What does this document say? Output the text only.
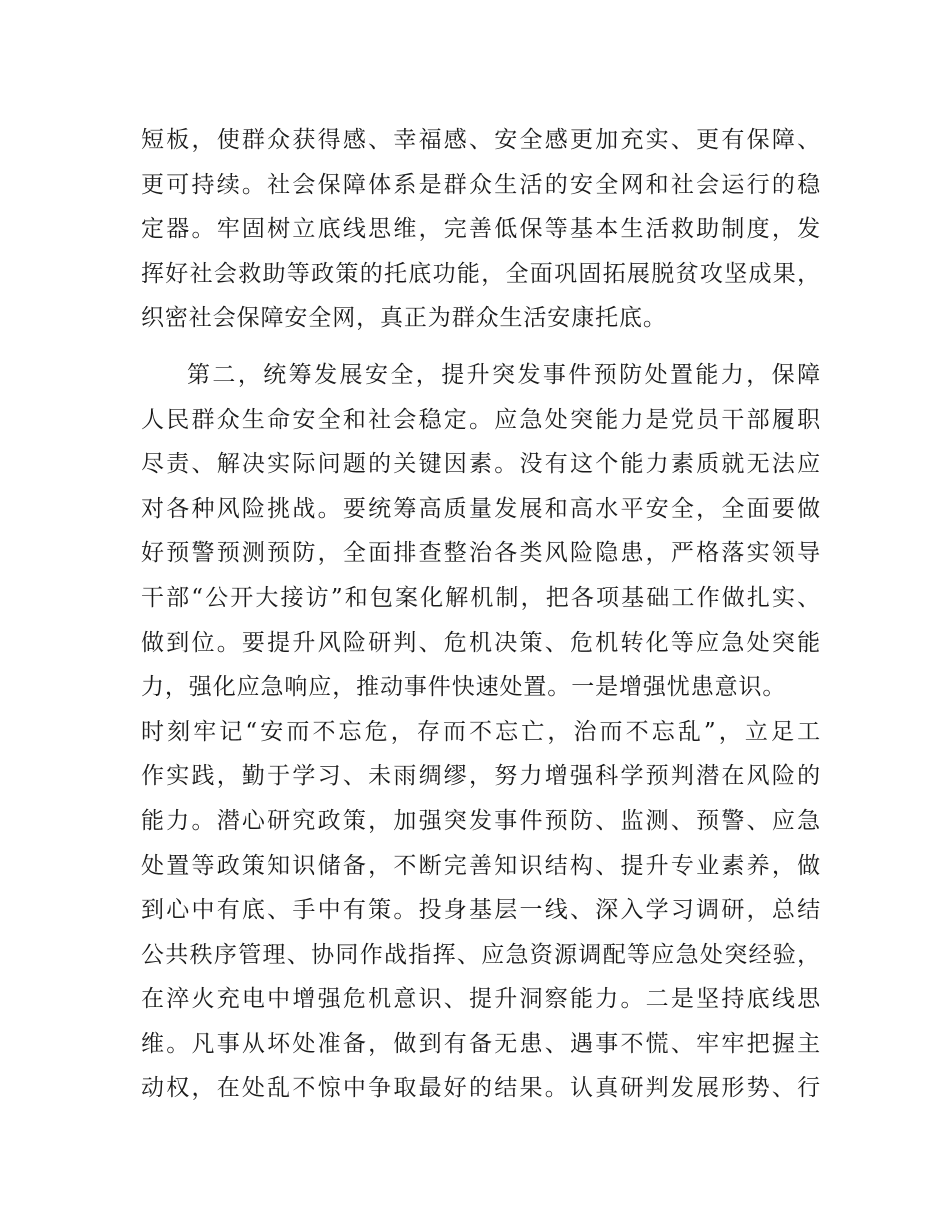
短板，使群众获得感、幸福感、安全感更加充实、更有保障、
更可持续。社会保障体系是群众生活的安全网和社会运行的稳
定器。牢固树立底线思维，完善低保等基本生活救助制度，发
挥好社会救助等政策的托底功能，全面巩固拓展脱贫攻坚成果，
织密社会保障安全网，真正为群众生活安康托底。
第二，统筹发展安全，提升突发事件预防处置能力，保障
人民群众生命安全和社会稳定。应急处突能力是党员干部履职
尽责、解决实际问题的关键因素。没有这个能力素质就无法应
对各种风险挑战。要统筹高质量发展和高水平安全，全面要做
好预警预测预防，全面排查整治各类风险隐患，严格落实领导
干部“公开大接访”和包案化解机制，把各项基础工作做扎实、
做到位。要提升风险研判、危机决策、危机转化等应急处突能
力，强化应急响应，推动事件快速处置。一是增强忧患意识。
时刻牢记“安而不忘危，存而不忘亡，治而不忘乱”，立足工
作实践，勤于学习、未雨绸缪，努力增强科学预判潜在风险的
能力。潜心研究政策，加强突发事件预防、监测、预警、应急
处置等政策知识储备，不断完善知识结构、提升专业素养，做
到心中有底、手中有策。投身基层一线、深入学习调研，总结
公共秩序管理、协同作战指挥、应急资源调配等应急处突经验，
在淬火充电中增强危机意识、提升洞察能力。二是坚持底线思
维。凡事从坏处准备，做到有备无患、遇事不慌、牢牢把握主
动权，在处乱不惊中争取最好的结果。认真研判发展形势、行
